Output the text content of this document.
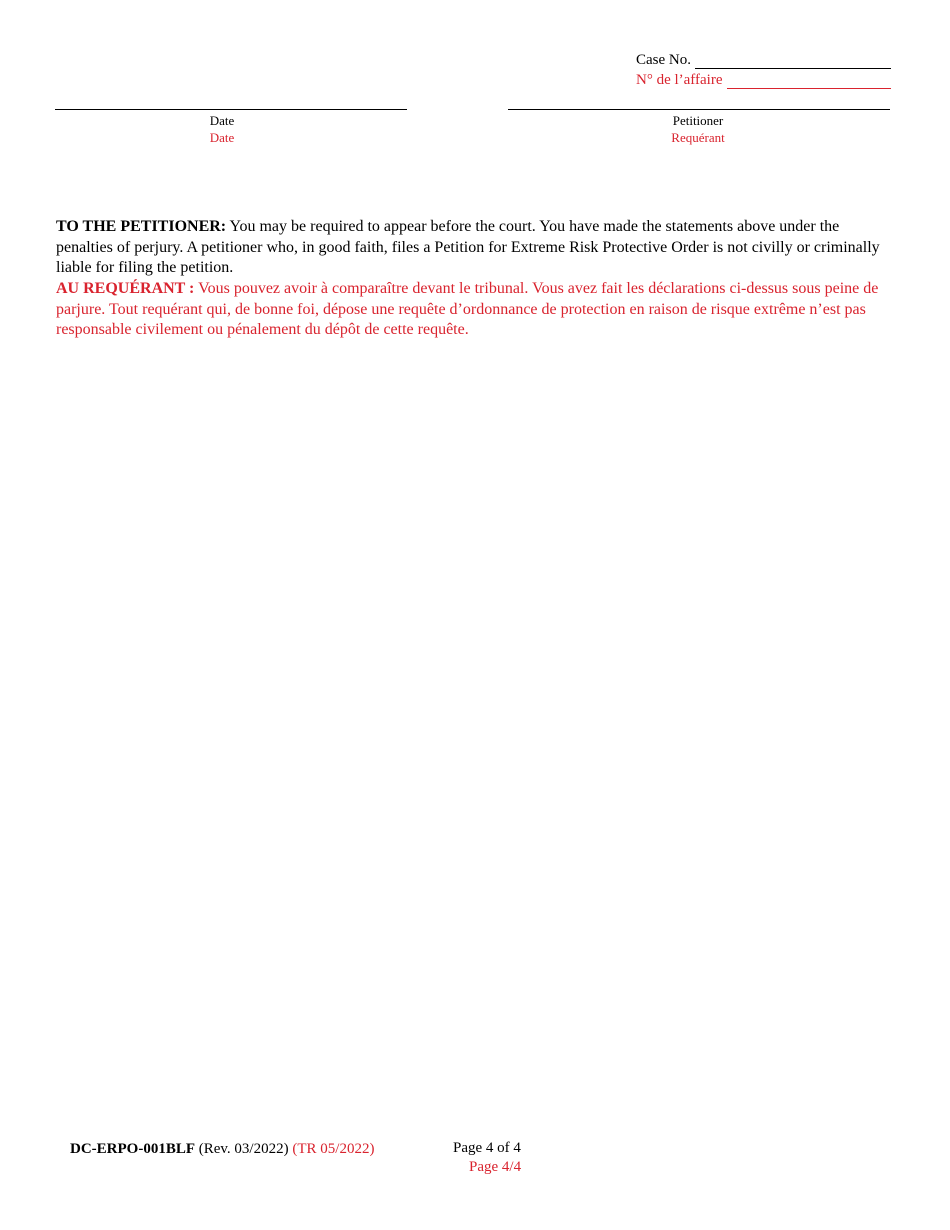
Case No.
N° de l’affaire
Date
Date
Petitioner
Requérant
TO THE PETITIONER: You may be required to appear before the court. You have made the statements above under the penalties of perjury. A petitioner who, in good faith, files a Petition for Extreme Risk Protective Order is not civilly or criminally liable for filing the petition.
AU REQUÉRANT : Vous pouvez avoir à comparaître devant le tribunal. Vous avez fait les déclarations ci-dessus sous peine de parjure. Tout requérant qui, de bonne foi, dépose une requête d’ordonnance de protection en raison de risque extrême n’est pas responsable civilement ou pénalement du dépôt de cette requête.
DC-ERPO-001BLF (Rev. 03/2022) (TR 05/2022)	Page 4 of 4
Page 4/4
